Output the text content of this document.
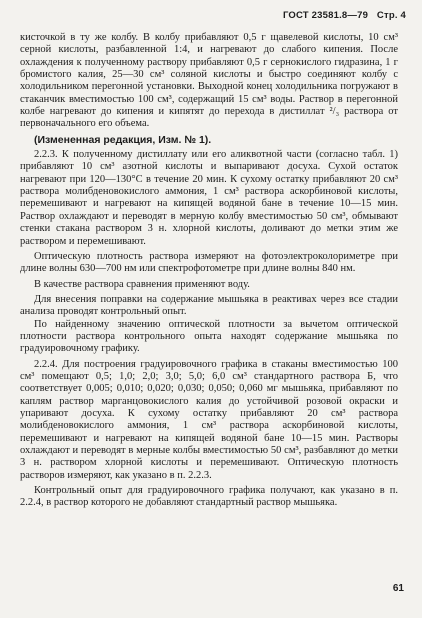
ГОСТ 23581.8—79 Стр. 4

кисточкой в ту же колбу. В колбу прибавляют 0,5 г щавелевой кислоты, 10 см³ серной кислоты, разбавленной 1:4, и нагревают до слабого кипения. После охлаждения к полученному раствору прибавляют 0,5 г сернокислого гидразина, 1 г бромистого калия, 25—30 см³ соляной кислоты и быстро соединяют колбу с холодильником перегонной установки. Выходной конец холодильника погружают в стаканчик вместимостью 100 см³, содержащий 15 см³ воды. Раствор в перегонной колбе нагревают до кипения и кипятят до перехода в дистиллат ²/₃ раствора от первоначального его объема.

(Измененная редакция, Изм. № 1).

2.2.3. К полученному дистиллату или его аликвотной части (согласно табл. 1) прибавляют 10 см³ азотной кислоты и выпаривают досуха. Сухой остаток нагревают при 120—130°С в течение 20 мин. К сухому остатку прибавляют 20 см³ раствора молибденовокислого аммония, 1 см³ раствора аскорбиновой кислоты, перемешивают и нагревают на кипящей водяной бане в течение 10—15 мин. Раствор охлаждают и переводят в мерную колбу вместимостью 50 см³, обмывают стенки стакана раствором 3 н. хлорной кислоты, доливают до метки этим же раствором и перемешивают.

Оптическую плотность раствора измеряют на фотоэлектроколориметре при длине волны 630—700 нм или спектрофотометре при длине волны 840 нм.

В качестве раствора сравнения применяют воду.

Для внесения поправки на содержание мышьяка в реактивах через все стадии анализа проводят контрольный опыт.

По найденному значению оптической плотности за вычетом оптической плотности раствора контрольного опыта находят содержание мышьяка по градуировочному графику.

2.2.4. Для построения градуировочного графика в стаканы вместимостью 100 см³ помещают 0,5; 1,0; 2,0; 3,0; 5,0; 6,0 см³ стандартного раствора Б, что соответствует 0,005; 0,010; 0,020; 0,030; 0,050; 0,060 мг мышьяка, прибавляют по каплям раствор марганцовокислого калия до устойчивой розовой окраски и упаривают досуха. К сухому остатку прибавляют 20 см³ раствора молибденовокислого аммония, 1 см³ раствора аскорбиновой кислоты, перемешивают и нагревают на кипящей водяной бане 10—15 мин. Растворы охлаждают и переводят в мерные колбы вместимостью 50 см³, разбавляют до метки 3 н. раствором хлорной кислоты и перемешивают. Оптическую плотность растворов измеряют, как указано в п. 2.2.3.

Контрольный опыт для градуировочного графика получают, как указано в п. 2.2.4, в раствор которого не добавляют стандартный раствор мышьяка.

61
